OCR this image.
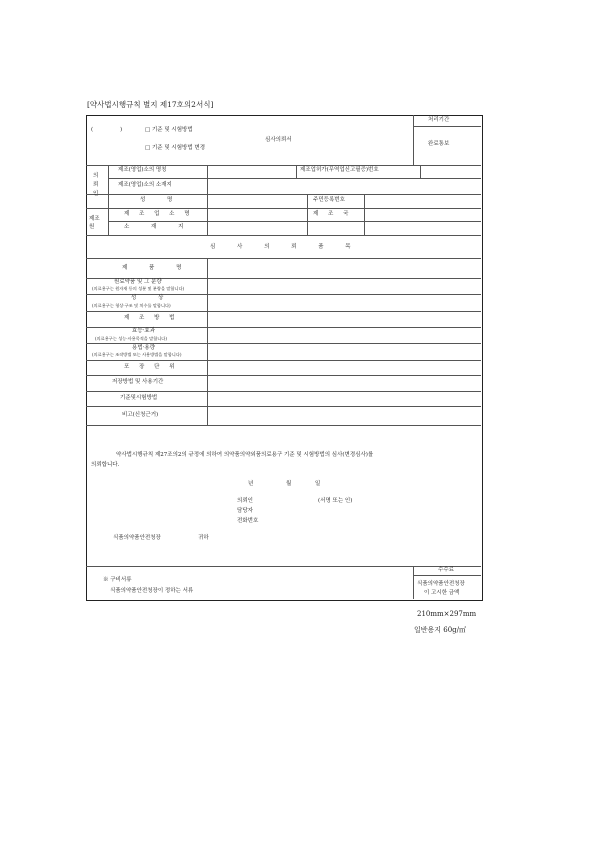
[약사법시행규칙 별지 제17호의2서식]
(	)	□ 기준 및 시험방법
□ 기준 및 시험방법 변경
심사의뢰서
처리기간
완료통보
의뢰인
제조(영업)소의 명칭	제조업허가(무역업신고필증)번호
제조(영업)소의 소재지
성 명	주민등록번호
제조원
제 조 업 소 명	제 조 국
소 재 지
심 사 의 뢰 품 목
제 품 명
원료약품 및 그 분량
(의료용구는 원자재 등의 성분 및 분량을 말합니다)
성 상
(의료용구는 형상·구조 및 치수를 말합니다)
제 조 방 법
효능·효과
(의료용구는 성능·사용목적을 말합니다)
용법·용량
(의료용구는 조작방법 또는 사용방법을 말합니다)
포 장 단 위
저장방법 및 사용기간
기준및시험방법
비고(신청근거)
약사법시행규칙 제27조의2의 규정에 의하여 의약품의약외품의료용구 기준 및 시험방법의 심사(변경심사)를
의뢰합니다.
년	월	일
의뢰인	(서명 또는 인)
담당자
전화번호
식품의약품안전청장	귀하
※ 구비서류
식품의약품안전청장이 정하는 서류
수수료
식품의약품안전청장
이 고시한 금액
210mm×297mm
일반용지 60g/㎡
